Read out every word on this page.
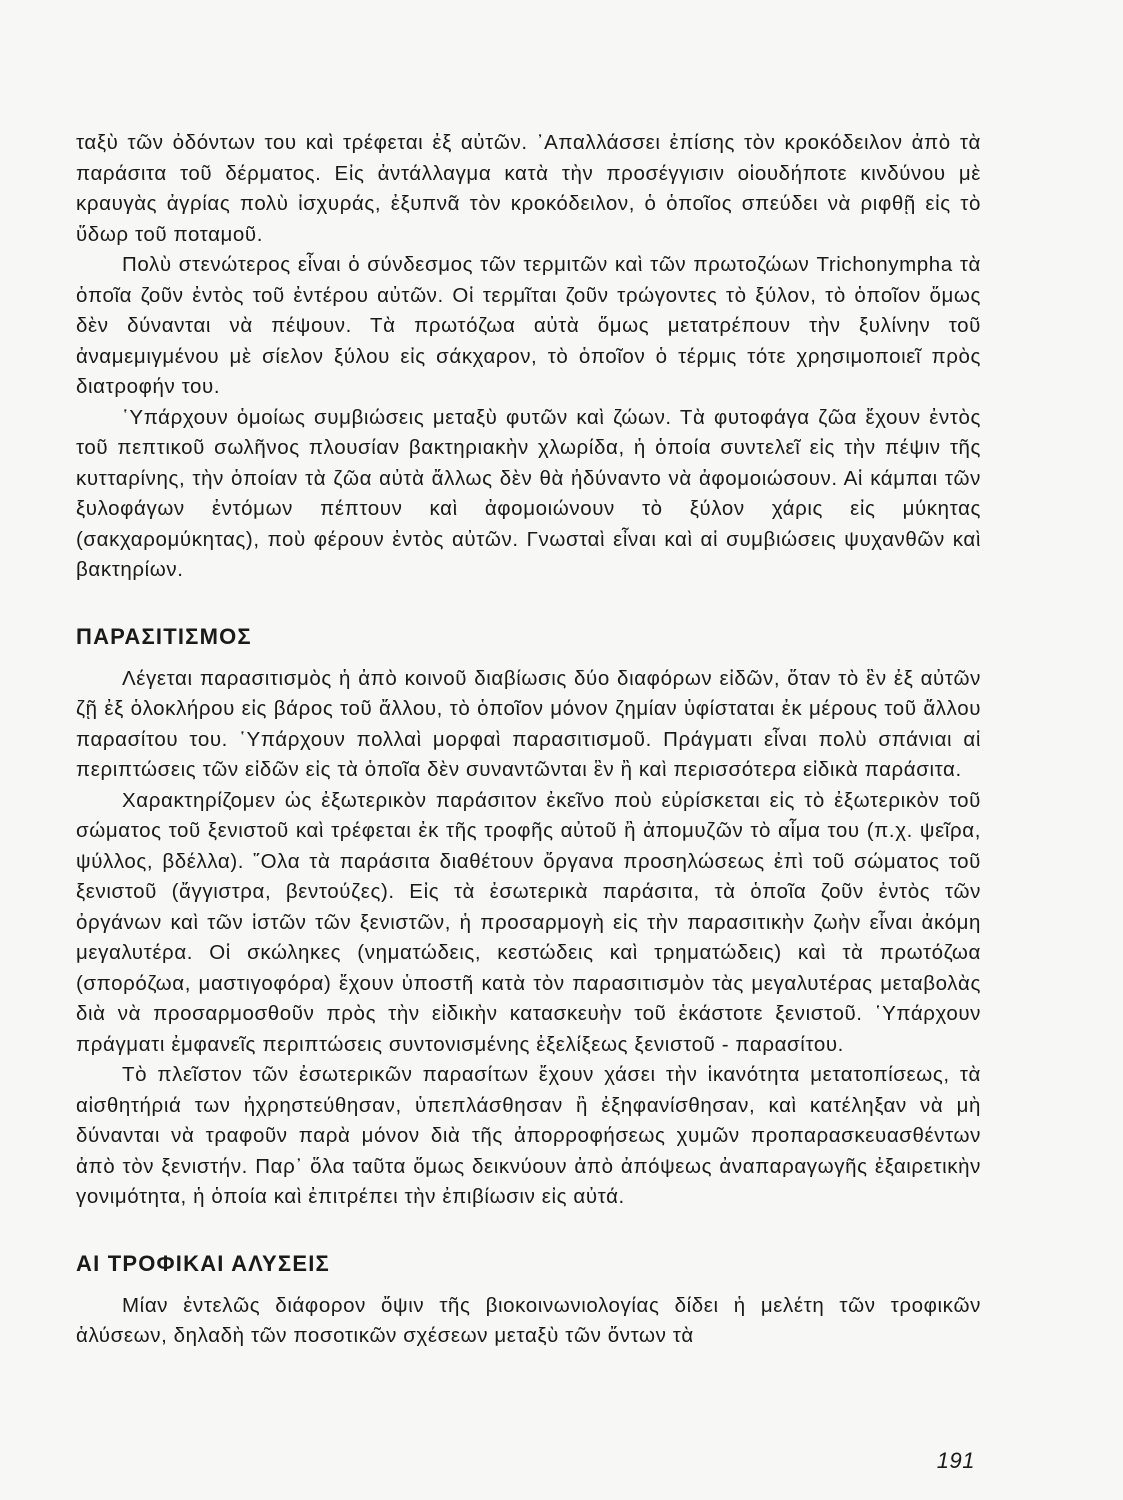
ταξὺ τῶν ὀδόντων του καὶ τρέφεται ἐξ αὐτῶν. ᾿Απαλλάσσει ἐπίσης τὸν κροκόδειλον ἀπὸ τὰ παράσιτα τοῦ δέρματος. Εἰς ἀντάλλαγμα κατὰ τὴν προσέγγισιν οἱουδήποτε κινδύνου μὲ κραυγὰς ἀγρίας πολὺ ἰσχυράς, ἐξυπνᾶ τὸν κροκόδειλον, ὁ ὁποῖος σπεύδει νὰ ριφθῇ εἰς τὸ ὕδωρ τοῦ ποταμοῦ.

Πολὺ στενώτερος εἶναι ὁ σύνδεσμος τῶν τερμιτῶν καὶ τῶν πρωτοζώων Trichonympha τὰ ὁποῖα ζοῦν ἐντὸς τοῦ ἐντέρου αὐτῶν. Οἱ τερμῖται ζοῦν τρώγοντες τὸ ξύλον, τὸ ὁποῖον ὅμως δὲν δύνανται νὰ πέψουν. Τὰ πρωτόζωα αὐτὰ ὅμως μετατρέπουν τὴν ξυλίνην τοῦ ἀναμεμιγμένου μὲ σίελον ξύλου εἰς σάκχαρον, τὸ ὁποῖον ὁ τέρμις τότε χρησιμοποιεῖ πρὸς διατροφήν του.

῾Υπάρχουν ὁμοίως συμβιώσεις μεταξὺ φυτῶν καὶ ζώων. Τὰ φυτοφάγα ζῶα ἔχουν ἐντὸς τοῦ πεπτικοῦ σωλῆνος πλουσίαν βακτηριακὴν χλωρίδα, ἡ ὁποία συντελεῖ εἰς τὴν πέψιν τῆς κυτταρίνης, τὴν ὁποίαν τὰ ζῶα αὐτὰ ἄλλως δὲν θὰ ἠδύναντο νὰ ἀφομοιώσουν. Αἱ κάμπαι τῶν ξυλοφάγων ἐντόμων πέπτουν καὶ ἀφομοιώνουν τὸ ξύλον χάρις εἰς μύκητας (σακχαρομύκητας), ποὺ φέρουν ἐντὸς αὐτῶν. Γνωσταὶ εἶναι καὶ αἱ συμβιώσεις ψυχανθῶν καὶ βακτηρίων.

ΠΑΡΑΣΙΤΙΣΜΟΣ

Λέγεται παρασιτισμὸς ἡ ἀπὸ κοινοῦ διαβίωσις δύο διαφόρων εἰδῶν, ὅταν τὸ ἓν ἐξ αὐτῶν ζῇ ἐξ ὁλοκλήρου εἰς βάρος τοῦ ἄλλου, τὸ ὁποῖον μόνον ζημίαν ὑφίσταται ἐκ μέρους τοῦ ἄλλου παρασίτου του. ῾Υπάρχουν πολλαὶ μορφαὶ παρασιτισμοῦ. Πράγματι εἶναι πολὺ σπάνιαι αἱ περιπτώσεις τῶν εἰδῶν εἰς τὰ ὁποῖα δὲν συναντῶνται ἓν ἢ καὶ περισσότερα εἰδικὰ παράσιτα.

Χαρακτηρίζομεν ὡς ἐξωτερικὸν παράσιτον ἐκεῖνο ποὺ εὑρίσκεται εἰς τὸ ἐξωτερικὸν τοῦ σώματος τοῦ ξενιστοῦ καὶ τρέφεται ἐκ τῆς τροφῆς αὐτοῦ ἢ ἀπομυζῶν τὸ αἷμα του (π.χ. ψεῖρα, ψύλλος, βδέλλα). ῞Ολα τὰ παράσιτα διαθέτουν ὄργανα προσηλώσεως ἐπὶ τοῦ σώματος τοῦ ξενιστοῦ (ἄγγιστρα, βεντούζες). Εἰς τὰ ἐσωτερικὰ παράσιτα, τὰ ὁποῖα ζοῦν ἐντὸς τῶν ὀργάνων καὶ τῶν ἱστῶν τῶν ξενιστῶν, ἡ προσαρμογὴ εἰς τὴν παρασιτικὴν ζωὴν εἶναι ἀκόμη μεγαλυτέρα. Οἱ σκώληκες (νηματώδεις, κεστώδεις καὶ τρηματώδεις) καὶ τὰ πρωτόζωα (σπορόζωα, μαστιγοφόρα) ἔχουν ὑποστῆ κατὰ τὸν παρασιτισμὸν τὰς μεγαλυτέρας μεταβολὰς διὰ νὰ προσαρμοσθοῦν πρὸς τὴν εἰδικὴν κατασκευὴν τοῦ ἑκάστοτε ξενιστοῦ. ῾Υπάρχουν πράγματι ἐμφανεῖς περιπτώσεις συντονισμένης ἐξελίξεως ξενιστοῦ - παρασίτου.

Τὸ πλεῖστον τῶν ἐσωτερικῶν παρασίτων ἔχουν χάσει τὴν ἱκανότητα μετατοπίσεως, τὰ αἰσθητήριά των ἠχρηστεύθησαν, ὑπεπλάσθησαν ἢ ἐξηφανίσθησαν, καὶ κατέληξαν νὰ μὴ δύνανται νὰ τραφοῦν παρὰ μόνον διὰ τῆς ἀπορροφήσεως χυμῶν προπαρασκευασθέντων ἀπὸ τὸν ξενιστήν. Παρ᾿ ὅλα ταῦτα ὅμως δεικνύουν ἀπὸ ἀπόψεως ἀναπαραγωγῆς ἐξαιρετικὴν γονιμότητα, ἡ ὁποία καὶ ἐπιτρέπει τὴν ἐπιβίωσιν εἰς αὐτά.

ΑΙ ΤΡΟΦΙΚΑΙ ΑΛΥΣΕΙΣ

Μίαν ἐντελῶς διάφορον ὄψιν τῆς βιοκοινωνιολογίας δίδει ἡ μελέτη τῶν τροφικῶν ἁλύσεων, δηλαδὴ τῶν ποσοτικῶν σχέσεων μεταξὺ τῶν ὄντων τὰ

191
